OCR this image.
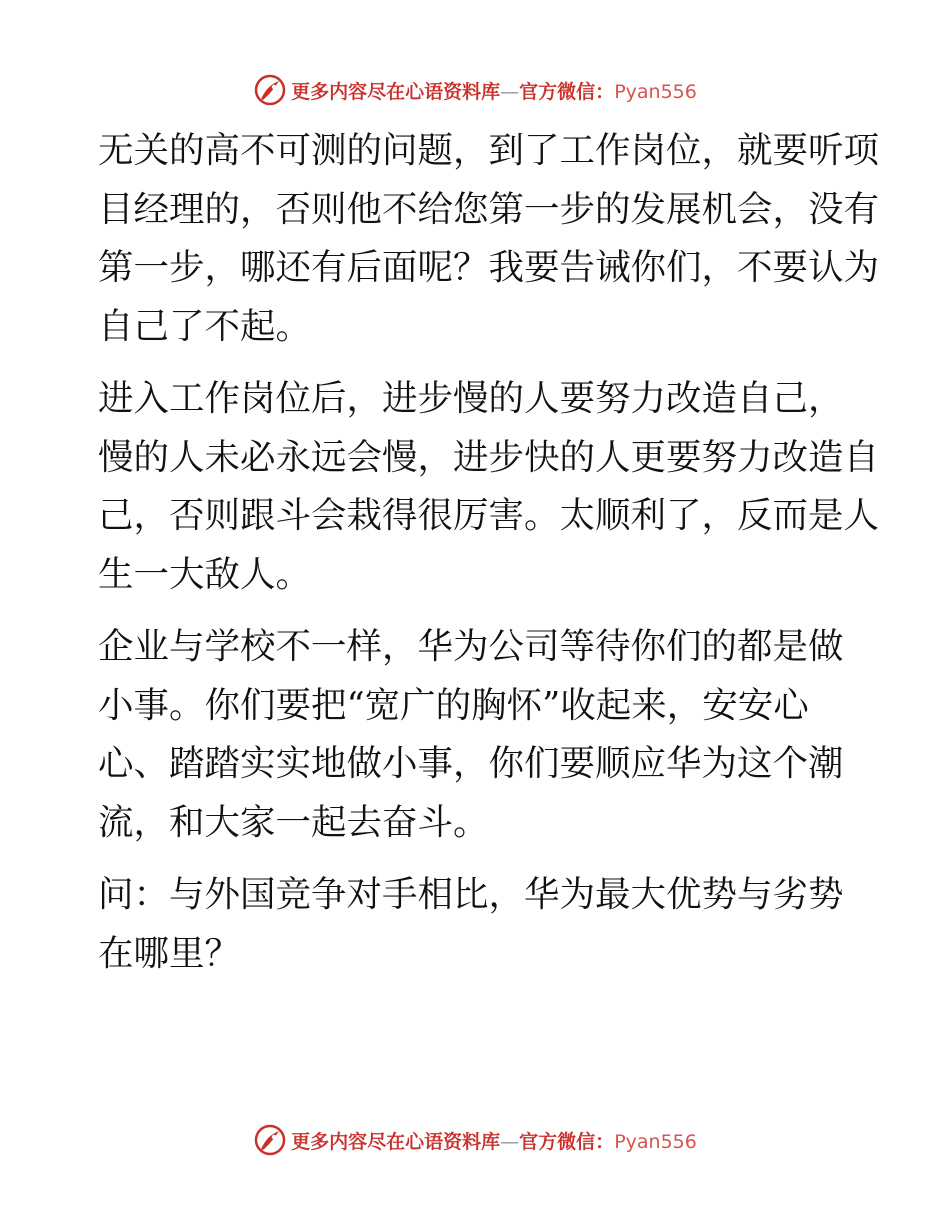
更多内容尽在心语资料库—官方微信：Pyan556

无关的高不可测的问题，到了工作岗位，就要听项
目经理的，否则他不给您第一步的发展机会，没有
第一步，哪还有后面呢？我要告诫你们，不要认为
自己了不起。

进入工作岗位后，进步慢的人要努力改造自己，
慢的人未必永远会慢，进步快的人更要努力改造自
己，否则跟斗会栽得很厉害。太顺利了，反而是人
生一大敌人。

企业与学校不一样，华为公司等待你们的都是做
小事。你们要把“宽广的胸怀”收起来，安安心
心、踏踏实实地做小事，你们要顺应华为这个潮
流，和大家一起去奋斗。

问：与外国竞争对手相比，华为最大优势与劣势
在哪里？

更多内容尽在心语资料库—官方微信：Pyan556
